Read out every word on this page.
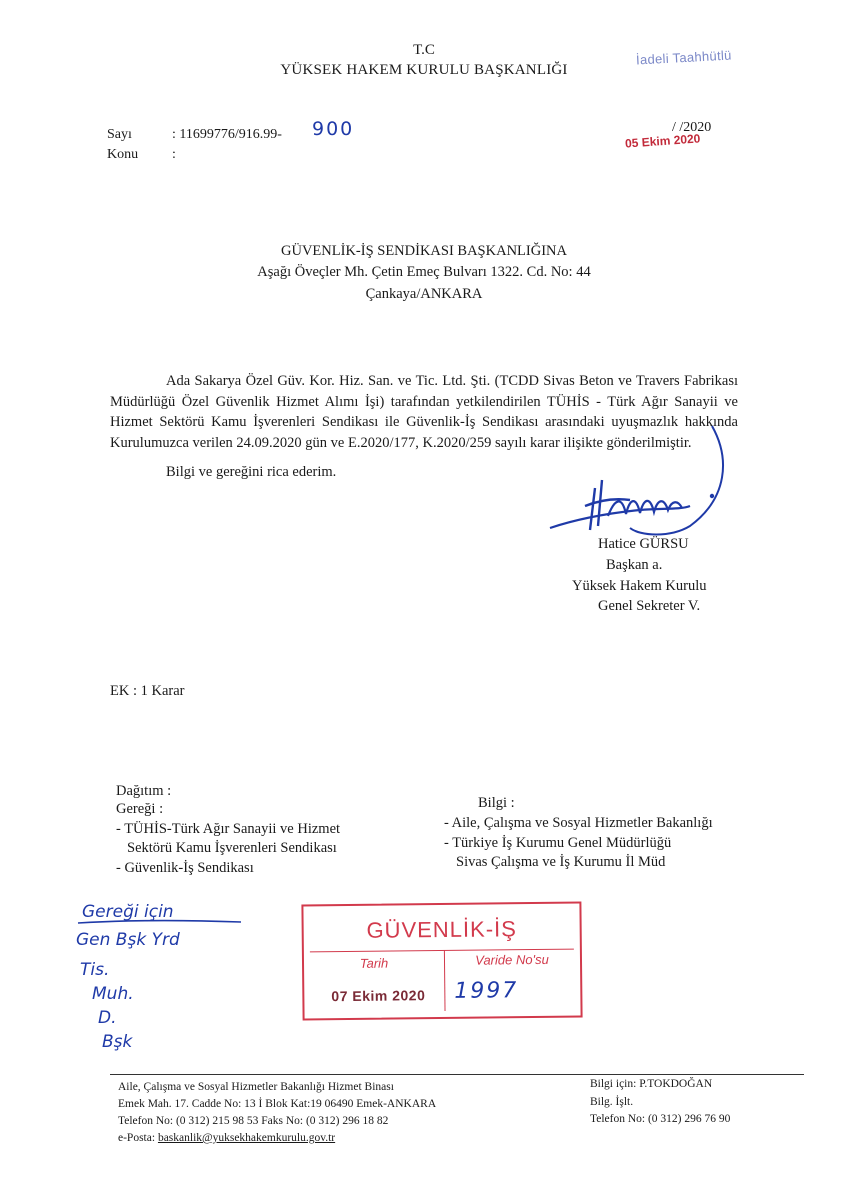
T.C
YÜKSEK HAKEM KURULU BAŞKANLIĞI
İadeli Taahhütlü
Sayı	: 11699776/916.99- 900
Konu :
/ /2020
05 Ekim 2020
GÜVENLİK-İŞ SENDİKASI BAŞKANLIĞINA
Aşağı Öveçler Mh. Çetin Emeç Bulvarı 1322. Cd. No: 44
Çankaya/ANKARA
Ada Sakarya Özel Güv. Kor. Hiz. San. ve Tic. Ltd. Şti. (TCDD Sivas Beton ve Travers Fabrikası Müdürlüğü Özel Güvenlik Hizmet Alımı İşi) tarafından yetkilendirilen TÜHİS - Türk Ağır Sanayii ve Hizmet Sektörü Kamu İşverenleri Sendikası ile Güvenlik-İş Sendikası arasındaki uyuşmazlık hakkında Kurulumuzca verilen 24.09.2020 gün ve E.2020/177, K.2020/259 sayılı karar ilişikte gönderilmiştir.
Bilgi ve gereğini rica ederim.
Hatice GÜRSU
Başkan a.
Yüksek Hakem Kurulu
Genel Sekreter V.
EK : 1 Karar
Dağıtım :
Gereği :
- TÜHİS-Türk Ağır Sanayii ve Hizmet
Sektörü Kamu İşverenleri Sendikası
- Güvenlik-İş Sendikası
Bilgi :
- Aile, Çalışma ve Sosyal Hizmetler Bakanlığı
- Türkiye İş Kurumu Genel Müdürlüğü
Sivas Çalışma ve İş Kurumu İl Müd
Gereği için
Gen Bşk Yrd
Tis.
Muh.
D.
Bşk
GÜVENLİK-İŞ
Tarih	Varide No'su
07 Ekim 2020	1997
Aile, Çalışma ve Sosyal Hizmetler Bakanlığı Hizmet Binası
Emek Mah. 17. Cadde No: 13 İ Blok Kat:19 06490 Emek-ANKARA
Telefon No: (0 312) 215 98 53 Faks No: (0 312) 296 18 82
e-Posta: baskanlik@yuksekhakemkurulu.gov.tr
Bilgi için: P.TOKDOĞAN
Bilg. İşlt.
Telefon No: (0 312) 296 76 90
